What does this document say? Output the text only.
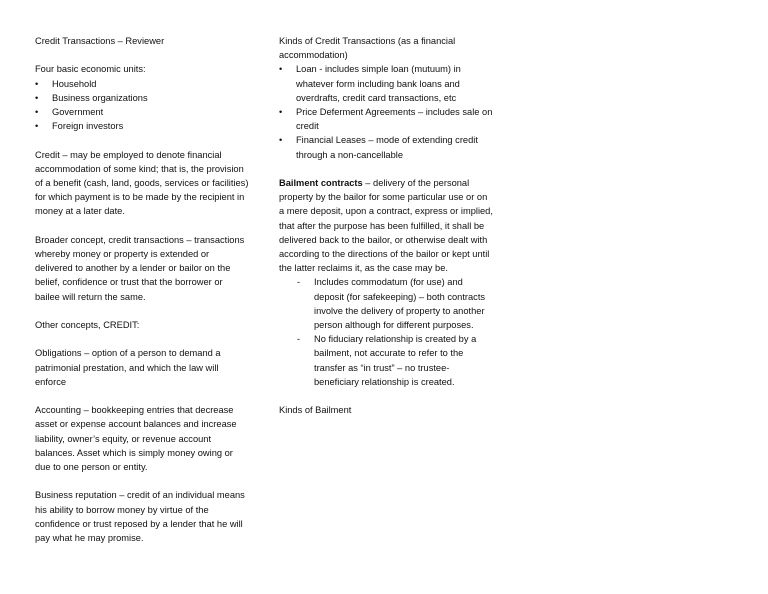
Credit Transactions – Reviewer

Four basic economic units:

• Household
• Business organizations
• Government
• Foreign investors

Credit – may be employed to denote financial accommodation of some kind; that is, the provision of a benefit (cash, land, goods, services or facilities) for which payment is to be made by the recipient in money at a later date.

Broader concept, credit transactions – transactions whereby money or property is extended or delivered to another by a lender or bailor on the belief, confidence or trust that the borrower or bailee will return the same.

Other concepts, CREDIT:

Obligations – option of a person to demand a patrimonial prestation, and which the law will enforce

Accounting – bookkeeping entries that decrease asset or expense account balances and increase liability, owner’s equity, or revenue account balances. Asset which is simply money owing or due to one person or entity.

Business reputation – credit of an individual means his ability to borrow money by virtue of the confidence or trust reposed by a lender that he will pay what he may promise.

Kinds of Credit Transactions (as a financial accommodation)

• Loan - includes simple loan (mutuum) in whatever form including bank loans and overdrafts, credit card transactions, etc
• Price Deferment Agreements – includes sale on credit
• Financial Leases – mode of extending credit through a non-cancellable

Bailment contracts – delivery of the personal property by the bailor for some particular use or on a mere deposit, upon a contract, express or implied, that after the purpose has been fulfilled, it shall be delivered back to the bailor, or otherwise dealt with according to the directions of the bailor or kept until the latter reclaims it, as the case may be.

- Includes commodatum (for use) and deposit (for safekeeping) – both contracts involve the delivery of property to another person although for different purposes.
- No fiduciary relationship is created by a bailment, not accurate to refer to the transfer as “in trust” – no trustee-beneficiary relationship is created.

Kinds of Bailment
